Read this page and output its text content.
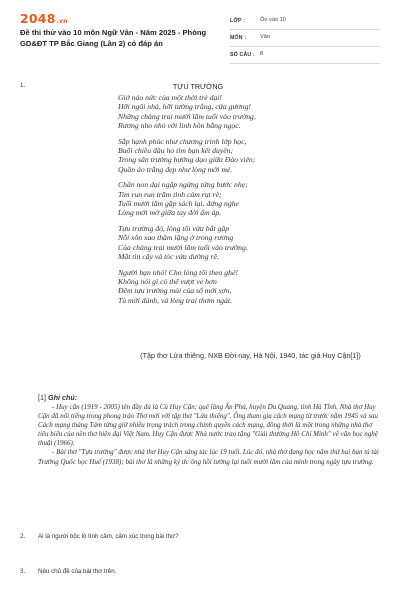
2048.vn
Đề thi thử vào 10 môn Ngữ Văn - Năm 2025 - Phòng GD&ĐT TP Bắc Giang (Lần 2) có đáp án
LỚP :	Ôn vào 10
MÔN : Văn
SỐ CÂU : 8
1.	TỰU TRƯỜNG
Giờ náo nức của một thời trẻ dại!
Hỡi ngôi nhà, hỡi tường trắng, cửa gương!
Những chàng trai mười lăm tuổi vào trường,
Rương nho nhỏ với linh hồn bằng ngọc.
Sắp hạnh phúc như chương trình lớp học,
Buổi chiều đầu ho tìm bạn kết duyên;
Trong sân trường hướng dạo giữa Đào viên;
Quần áo trắng đẹp như lòng mới mẻ.
Chân non dại ngập ngừng từng bước nhẹ;
Tim run run trăm tình cảm rụt rè;
Tuổi mười lăm gặp sách lại, đứng nghe
Lòng mới mở giữa tay đời ấm áp.
Tựu trường đó, lòng tôi vừa bắt gặp
Nỗi xôn xao thầm lặng ở trong rương
Của chàng trai mười lăm tuổi vào trường,
Mắt tìn cậy và tóc vừa dường rẽ.
Người bạn nhỏ! Cho lòng tôi theo ghé!
Không nói gì có thể vượt ve hơn
Đêm tựu trường mùi của sổ mới sơn,
Tủ mới đánh, và lòng trai thơm ngát.
(Tập thơ Lửa thiêng, NXB Đời nay, Hà Nội, 1940, tác giả Huy Cận[1])
[1] Ghi chú:
- Huy cận (1919 - 2005) tên đầy đủ là Cù Huy Cận; quê làng Ân Phú, huyện Du Quang, tỉnh Hà Tĩnh. Nhà thơ Huy Cận đã nổi tiếng trong phong trào Thơ mới với tập thơ "Lửa thiêng". Ông tham gia cách mạng từ trước năm 1945 và sau Cách mạng tháng Tám từng giữ nhiều trọng trách trong chính quyền cách mạng, đồng thời là một trong những nhà thơ tiêu biểu của nền thơ hiện đại Việt Nam. Huy Cận được Nhà nước trao tặng "Giải thưởng Hồ Chí Minh" về văn học nghệ thuật (1966).
- Bài thơ "Tựu trường" được nhà thơ Huy Cận sáng tác lúc 19 tuổi. Lúc đó, nhà thơ đang học năm thứ hai ban tú tài Trường Quốc học Huế (1938); bài thơ là những ký ức ông hồi tưởng lại tuổi mười lăm của mình trong ngày tựu trường.
2. Ai là người bộc lộ tình cảm, cảm xúc trong bài thơ?
3. Nêu chủ đề của bài thơ trên.
